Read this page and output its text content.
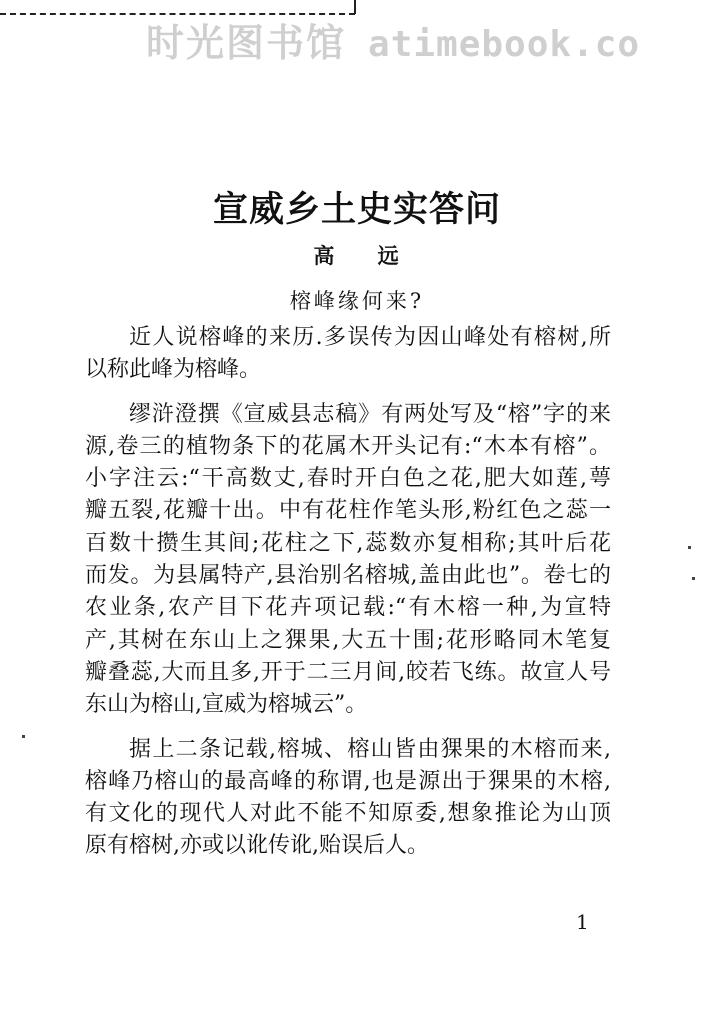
时光图书馆 atimebook.co
宣威乡土史实答问
高 远
榕峰缘何来?
近人说榕峰的来历.多误传为因山峰处有榕树,所
以称此峰为榕峰。
缪浒澄撰《宣威县志稿》有两处写及“榕”字的来
源,卷三的植物条下的花属木开头记有:“木本有榕”。
小字注云:“干高数丈,春时开白色之花,肥大如莲,萼
瓣五裂,花瓣十出。中有花柱作笔头形,粉红色之蕊一
百数十攒生其间;花柱之下,蕊数亦复相称;其叶后花
而发。为县属特产,县治别名榕城,盖由此也”。卷七的
农业条,农产目下花卉项记载:“有木榕一种,为宣特
产,其树在东山上之猓果,大五十围;花形略同木笔复
瓣叠蕊,大而且多,开于二三月间,皎若飞练。故宣人号
东山为榕山,宣威为榕城云”。
据上二条记载,榕城、榕山皆由猓果的木榕而来,
榕峰乃榕山的最高峰的称谓,也是源出于猓果的木榕,
有文化的现代人对此不能不知原委,想象推论为山顶
原有榕树,亦或以讹传讹,贻误后人。
1
